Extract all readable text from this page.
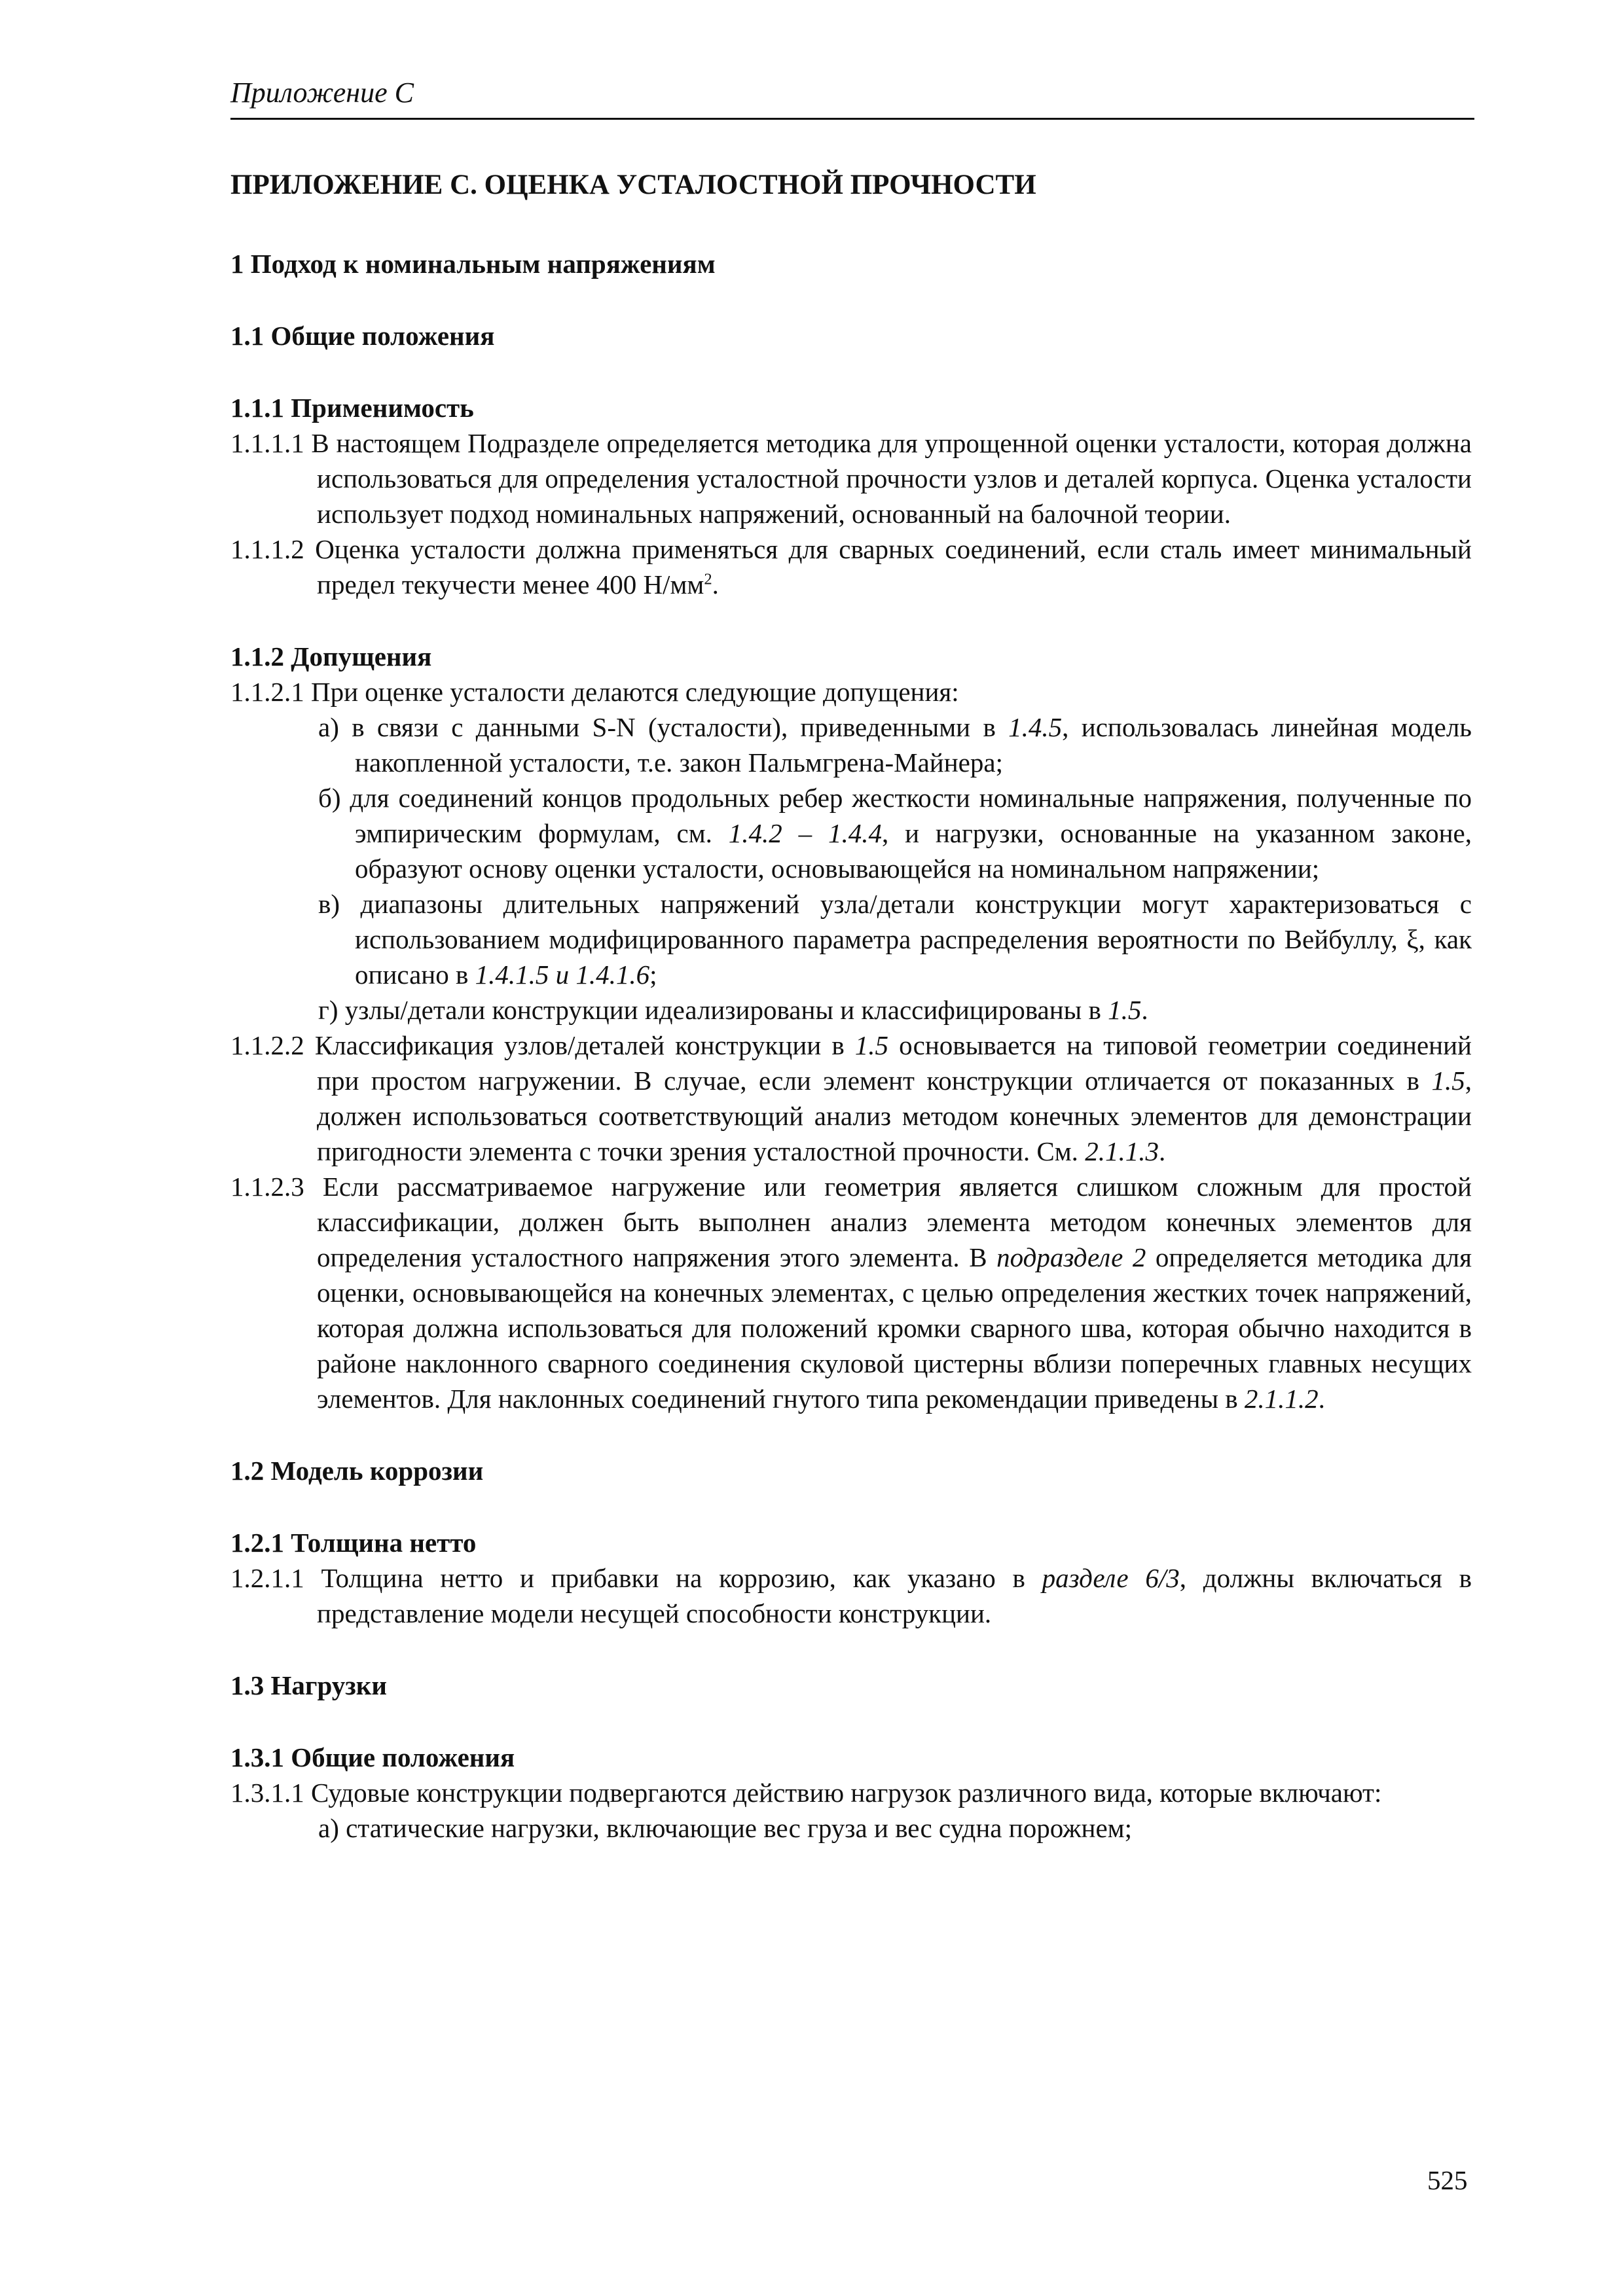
Приложение С

ПРИЛОЖЕНИЕ С. ОЦЕНКА УСТАЛОСТНОЙ ПРОЧНОСТИ

1 Подход к номинальным напряжениям

1.1 Общие положения

1.1.1 Применимость

1.1.1.1 В настоящем Подразделе определяется методика для упрощенной оценки усталости, которая должна использоваться для определения усталостной прочности узлов и деталей корпуса. Оценка усталости использует подход номинальных напряжений, основанный на балочной теории.

1.1.1.2 Оценка усталости должна применяться для сварных соединений, если сталь имеет минимальный предел текучести менее 400 $Н/мм^2$.

1.1.2 Допущения

1.1.2.1 При оценке усталости делаются следующие допущения:

а) в связи с данными S-N (усталости), приведенными в 1.4.5, использовалась линейная модель накопленной усталости, т.е. закон Пальмгрена-Майнера;
б) для соединений концов продольных ребер жесткости номинальные напряжения, полученные по эмпирическим формулам, см. 1.4.2 – 1.4.4, и нагрузки, основанные на указанном законе, образуют основу оценки усталости, основывающейся на номинальном напряжении;
в) диапазоны длительных напряжений узла/детали конструкции могут характеризоваться с использованием модифицированного параметра распределения вероятности по Вейбуллу, ξ, как описано в 1.4.1.5 и 1.4.1.6;
г) узлы/детали конструкции идеализированы и классифицированы в 1.5.

1.1.2.2 Классификация узлов/деталей конструкции в 1.5 основывается на типовой геометрии соединений при простом нагружении. В случае, если элемент конструкции отличается от показанных в 1.5, должен использоваться соответствующий анализ методом конечных элементов для демонстрации пригодности элемента с точки зрения усталостной прочности. См. 2.1.1.3.

1.1.2.3 Если рассматриваемое нагружение или геометрия является слишком сложным для простой классификации, должен быть выполнен анализ элемента методом конечных элементов для определения усталостного напряжения этого элемента. В подразделе 2 определяется методика для оценки, основывающейся на конечных элементах, с целью определения жестких точек напряжений, которая должна использоваться для положений кромки сварного шва, которая обычно находится в районе наклонного сварного соединения скуловой цистерны вблизи поперечных главных несущих элементов. Для наклонных соединений гнутого типа рекомендации приведены в 2.1.1.2.

1.2 Модель коррозии

1.2.1 Толщина нетто

1.2.1.1 Толщина нетто и прибавки на коррозию, как указано в разделе 6/3, должны включаться в представление модели несущей способности конструкции.

1.3 Нагрузки

1.3.1 Общие положения

1.3.1.1 Судовые конструкции подвергаются действию нагрузок различного вида, которые включают:

а) статические нагрузки, включающие вес груза и вес судна порожнем;
525
